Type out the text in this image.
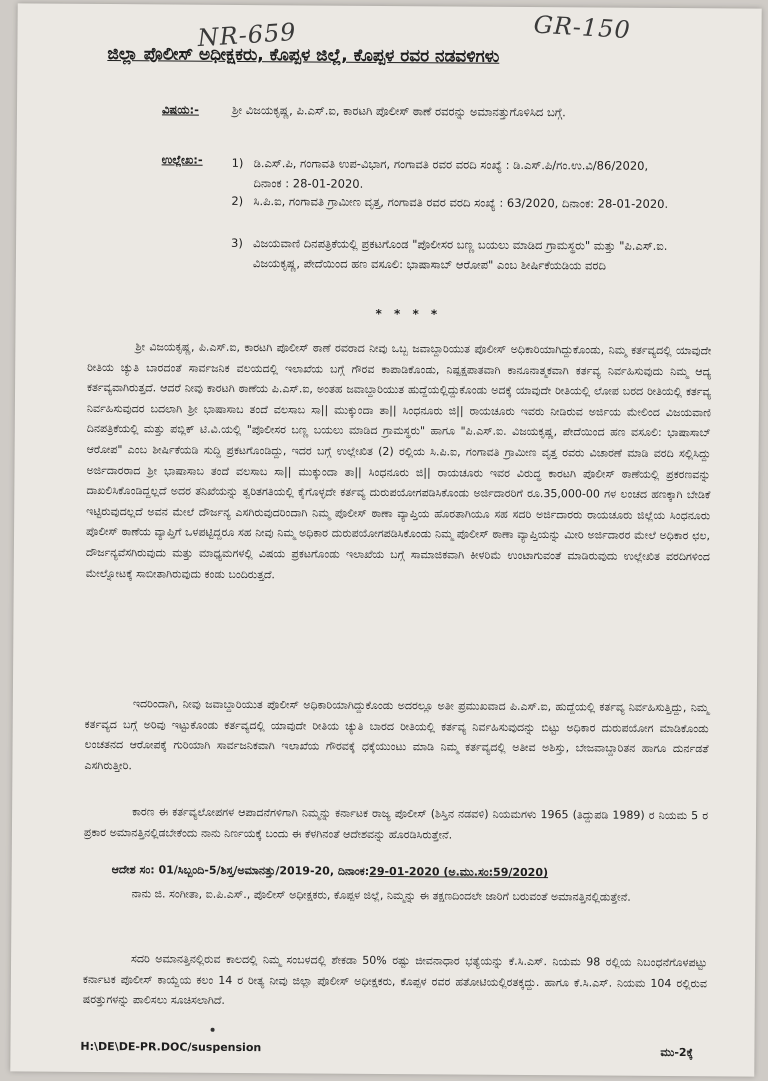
NR-659	GR-150
ಜಿಲ್ಲಾ ಪೊಲೀಸ್ ಅಧೀಕ್ಷಕರು, ಕೊಪ್ಪಳ ಜಿಲ್ಲೆ, ಕೊಪ್ಪಳ ರವರ ನಡವಳಿಗಳು
ವಿಷಯ:-	ಶ್ರೀ ವಿಜಯಕೃಷ್ಣ, ಪಿ.ಎಸ್.ಐ, ಕಾರಟಗಿ ಪೊಲೀಸ್ ಠಾಣೆ ರವರನ್ನು ಅಮಾನತ್ತುಗೊಳಿಸಿದ ಬಗ್ಗೆ.
ಉಲ್ಲೇಖ:-	1) ಡಿ.ಎಸ್.ಪಿ, ಗಂಗಾವತಿ ಉಪ-ವಿಭಾಗ, ಗಂಗಾವತಿ ರವರ ವರದಿ ಸಂಖ್ಯೆ : ಡಿ.ಎಸ್.ಪಿ/ಗಂ.ಉ.ವಿ/86/2020, ದಿನಾಂಕ : 28-01-2020.
2) ಸಿ.ಪಿ.ಐ, ಗಂಗಾವತಿ ಗ್ರಾಮೀಣ ವೃತ್ತ, ಗಂಗಾವತಿ ರವರ ವರದಿ ಸಂಖ್ಯೆ : 63/2020, ದಿನಾಂಕ: 28-01-2020.
3) ವಿಜಯವಾಣಿ ದಿನಪತ್ರಿಕೆಯಲ್ಲಿ ಪ್ರಕಟಗೊಂಡ "ಪೊಲೀಸರ ಬಣ್ಣ ಬಯಲು ಮಾಡಿದ ಗ್ರಾಮಸ್ಥರು" ಮತ್ತು "ಪಿ.ಎಸ್.ಐ. ವಿಜಯಕೃಷ್ಣ, ಪೇದೆಯಿಂದ ಹಣ ವಸೂಲಿ: ಭಾಷಾಸಾಬ್ ಆರೋಪ" ಎಂಬ ಶೀರ್ಷಿಕೆಯಡಿಯ ವರದಿ
* * * *
ಶ್ರೀ ವಿಜಯಕೃಷ್ಣ, ಪಿ.ಎಸ್.ಐ, ಕಾರಟಗಿ ಪೊಲೀಸ್ ಠಾಣೆ ರವರಾದ ನೀವು ಒಬ್ಬ ಜವಾಬ್ದಾರಿಯುತ ಪೊಲೀಸ್ ಅಧಿಕಾರಿಯಾಗಿದ್ದುಕೊಂಡು, ನಿಮ್ಮ ಕರ್ತವ್ಯದಲ್ಲಿ ಯಾವುದೇ ರೀತಿಯ ಚ್ಯುತಿ ಬಾರದಂತೆ ಸಾರ್ವಜನಿಕ ವಲಯದಲ್ಲಿ ಇಲಾಖೆಯ ಬಗ್ಗೆ ಗೌರವ ಕಾಪಾಡಿಕೊಂಡು, ನಿಷ್ಪಕ್ಷಪಾತವಾಗಿ ಕಾನೂನಾತ್ಮಕವಾಗಿ ಕರ್ತವ್ಯ ನಿರ್ವಹಿಸುವುದು ನಿಮ್ಮ ಆದ್ಯ ಕರ್ತವ್ಯವಾಗಿರುತ್ತದೆ. ಆದರೆ ನೀವು ಕಾರಟಗಿ ಠಾಣೆಯ ಪಿ.ಎಸ್.ಐ, ಅಂತಹ ಜವಾಬ್ದಾರಿಯುತ ಹುದ್ದೆಯಲ್ಲಿದ್ದುಕೊಂಡು ಅದಕ್ಕೆ ಯಾವುದೇ ರೀತಿಯಲ್ಲಿ ಲೋಪ ಬರದ ರೀತಿಯಲ್ಲಿ ಕರ್ತವ್ಯ ನಿರ್ವಹಿಸುವುದರ ಬದಲಾಗಿ ಶ್ರೀ ಭಾಷಾಸಾಬ ತಂದೆ ವಲಸಾಬ ಸಾ|| ಮುಕ್ಕುಂದಾ ತಾ|| ಸಿಂಧನೂರು ಜಿ|| ರಾಯಚೂರು ಇವರು ನೀಡಿರುವ ಅರ್ಜಿಯ ಮೇಲಿಂದ ವಿಜಯವಾಣಿ ದಿನಪತ್ರಿಕೆಯಲ್ಲಿ ಮತ್ತು ಪಬ್ಲಿಕ್ ಟಿ.ವಿ.ಯಲ್ಲಿ "ಪೊಲೀಸರ ಬಣ್ಣ ಬಯಲು ಮಾಡಿದ ಗ್ರಾಮಸ್ಥರು" ಹಾಗೂ "ಪಿ.ಎಸ್.ಐ. ವಿಜಯಕೃಷ್ಣ, ಪೇದೆಯಿಂದ ಹಣ ವಸೂಲಿ: ಭಾಷಾಸಾಬ್ ಆರೋಪ" ಎಂಬ ಶೀರ್ಷಿಕೆಯಡಿ ಸುದ್ದಿ ಪ್ರಕಟಗೊಂಡಿದ್ದು, ಇದರ ಬಗ್ಗೆ ಉಲ್ಲೇಖಿತ (2) ರಲ್ಲಿಯ ಸಿ.ಪಿ.ಐ, ಗಂಗಾವತಿ ಗ್ರಾಮೀಣ ವೃತ್ತ ರವರು ವಿಚಾರಣೆ ಮಾಡಿ ವರದಿ ಸಲ್ಲಿಸಿದ್ದು ಅರ್ಜಿದಾರರಾದ ಶ್ರೀ ಭಾಷಾಸಾಬ ತಂದೆ ವಲಸಾಬ ಸಾ|| ಮುಕ್ಕುಂದಾ ತಾ|| ಸಿಂಧನೂರು ಜಿ|| ರಾಯಚೂರು ಇವರ ವಿರುದ್ಧ ಕಾರಟಗಿ ಪೊಲೀಸ್ ಠಾಣೆಯಲ್ಲಿ ಪ್ರಕರಣವನ್ನು ದಾಖಲಿಸಿಕೊಂಡಿದ್ದಲ್ಲದೆ ಅದರ ತನಿಖೆಯನ್ನು ತ್ವರಿತಗತಿಯಲ್ಲಿ ಕೈಗೊಳ್ಳದೇ ಕರ್ತವ್ಯ ದುರುಪಯೋಗಪಡಿಸಿಕೊಂಡು ಅರ್ಜಿದಾರರಿಗೆ ರೂ.35,000-00 ಗಳ ಲಂಚದ ಹಣಕ್ಕಾಗಿ ಬೇಡಿಕೆ ಇಟ್ಟಿರುವುದಲ್ಲದೆ ಅವನ ಮೇಲೆ ದೌರ್ಜನ್ಯ ಎಸಗಿರುವುದರಿಂದಾಗಿ ನಿಮ್ಮ ಪೊಲೀಸ್ ಠಾಣಾ ವ್ಯಾಪ್ತಿಯ ಹೊರತಾಗಿಯೂ ಸಹ ಸದರಿ ಅರ್ಜಿದಾರರು ರಾಯಚೂರು ಜಿಲ್ಲೆಯ ಸಿಂಧನೂರು ಪೊಲೀಸ್ ಠಾಣೆಯ ವ್ಯಾಪ್ತಿಗೆ ಒಳಪಟ್ಟಿದ್ದರೂ ಸಹ ನೀವು ನಿಮ್ಮ ಅಧಿಕಾರ ದುರುಪಯೋಗಪಡಿಸಿಕೊಂಡು ನಿಮ್ಮ ಪೊಲೀಸ್ ಠಾಣಾ ವ್ಯಾಪ್ತಿಯನ್ನು ಮೀರಿ ಅರ್ಜಿದಾರರ ಮೇಲೆ ಅಧಿಕಾರ ಛಲ, ದೌರ್ಜನ್ಯವೆಸಗಿರುವುದು ಮತ್ತು ಮಾಧ್ಯಮಗಳಲ್ಲಿ ವಿಷಯ ಪ್ರಕಟಗೊಂಡು ಇಲಾಖೆಯ ಬಗ್ಗೆ ಸಾಮಾಜಿಕವಾಗಿ ಕೀಳರಿಮೆ ಉಂಟಾಗುವಂತೆ ಮಾಡಿರುವುದು ಉಲ್ಲೇಖಿತ ವರದಿಗಳಿಂದ ಮೇಲ್ನೋಟಕ್ಕೆ ಸಾಬೀತಾಗಿರುವುದು ಕಂಡು ಬಂದಿರುತ್ತದೆ.
ಇದರಿಂದಾಗಿ, ನೀವು ಜವಾಬ್ದಾರಿಯುತ ಪೊಲೀಸ್ ಅಧಿಕಾರಿಯಾಗಿದ್ದುಕೊಂಡು ಅದರಲ್ಲೂ ಅತೀ ಪ್ರಮುಖವಾದ ಪಿ.ಎಸ್.ಐ, ಹುದ್ದೆಯಲ್ಲಿ ಕರ್ತವ್ಯ ನಿರ್ವಹಿಸುತ್ತಿದ್ದು, ನಿಮ್ಮ ಕರ್ತವ್ಯದ ಬಗ್ಗೆ ಅರಿವು ಇಟ್ಟುಕೊಂಡು ಕರ್ತವ್ಯದಲ್ಲಿ ಯಾವುದೇ ರೀತಿಯ ಚ್ಯುತಿ ಬಾರದ ರೀತಿಯಲ್ಲಿ ಕರ್ತವ್ಯ ನಿರ್ವಹಿಸುವುದನ್ನು ಬಿಟ್ಟು ಅಧಿಕಾರ ದುರುಪಯೋಗ ಮಾಡಿಕೊಂಡು ಲಂಚತನದ ಆರೋಪಕ್ಕೆ ಗುರಿಯಾಗಿ ಸಾರ್ವಜನಿಕವಾಗಿ ಇಲಾಖೆಯ ಗೌರವಕ್ಕೆ ಧಕ್ಕೆಯುಂಟು ಮಾಡಿ ನಿಮ್ಮ ಕರ್ತವ್ಯದಲ್ಲಿ ಅತೀವ ಅಶಿಸ್ತು, ಬೇಜವಾಬ್ದಾರಿತನ ಹಾಗೂ ದುರ್ನಡತೆ ಎಸಗಿರುತ್ತೀರಿ.
ಕಾರಣ ಈ ಕರ್ತವ್ಯಲೋಪಗಳ ಆಪಾದನೆಗಳಿಗಾಗಿ ನಿಮ್ಮನ್ನು ಕರ್ನಾಟಕ ರಾಜ್ಯ ಪೊಲೀಸ್ (ಶಿಸ್ತಿನ ನಡವಳಿ) ನಿಯಮಗಳು 1965 (ತಿದ್ದುಪಡಿ 1989) ರ ನಿಯಮ 5 ರ ಪ್ರಕಾರ ಅಮಾನತ್ತಿನಲ್ಲಿಡಬೇಕೆಂದು ನಾನು ನಿರ್ಣಯಕ್ಕೆ ಬಂದು ಈ ಕೆಳಗಿನಂತೆ ಆದೇಶವನ್ನು ಹೊರಡಿಸಿರುತ್ತೇನೆ.
ಆದೇಶ ಸಂ: 01/ಸಿಬ್ಬಂದಿ-5/ಶಿಸ್ತ/ಅಮಾನತ್ತು/2019-20, ದಿನಾಂಕ:29-01-2020 (ಅ.ಮು.ಸಂ:59/2020)
ನಾನು ಜಿ. ಸಂಗೀತಾ, ಐ.ಪಿ.ಎಸ್., ಪೊಲೀಸ್ ಅಧೀಕ್ಷಕರು, ಕೊಪ್ಪಳ ಜಿಲ್ಲೆ, ನಿಮ್ಮನ್ನು ಈ ತಕ್ಷಣದಿಂದಲೇ ಜಾರಿಗೆ ಬರುವಂತೆ ಅಮಾನತ್ತಿನಲ್ಲಿಡುತ್ತೇನೆ.
ಸದರಿ ಅಮಾನತ್ತಿನಲ್ಲಿರುವ ಕಾಲದಲ್ಲಿ ನಿಮ್ಮ ಸಂಬಳದಲ್ಲಿ ಶೇಕಡಾ 50% ರಷ್ಟು ಜೀವನಾಧಾರ ಭತ್ಯೆಯನ್ನು ಕೆ.ಸಿ.ಎಸ್. ನಿಯಮ 98 ರಲ್ಲಿಯ ನಿಬಂಧನೆಗೊಳಪಟ್ಟು ಕರ್ನಾಟಕ ಪೊಲೀಸ್ ಕಾಯ್ದೆಯ ಕಲಂ 14 ರ ರೀತ್ಯ ನೀವು ಜಿಲ್ಲಾ ಪೊಲೀಸ್ ಅಧೀಕ್ಷಕರು, ಕೊಪ್ಪಳ ರವರ ಹತೋಟಿಯಲ್ಲಿರತಕ್ಕದ್ದು. ಹಾಗೂ ಕೆ.ಸಿ.ಎಸ್. ನಿಯಮ 104 ರಲ್ಲಿರುವ ಷರತ್ತುಗಳನ್ನು ಪಾಲಿಸಲು ಸೂಚಿಸಲಾಗಿದೆ.
H:\DE\DE-PR.DOC/suspension	ಮು-2ಕ್ಕೆ
